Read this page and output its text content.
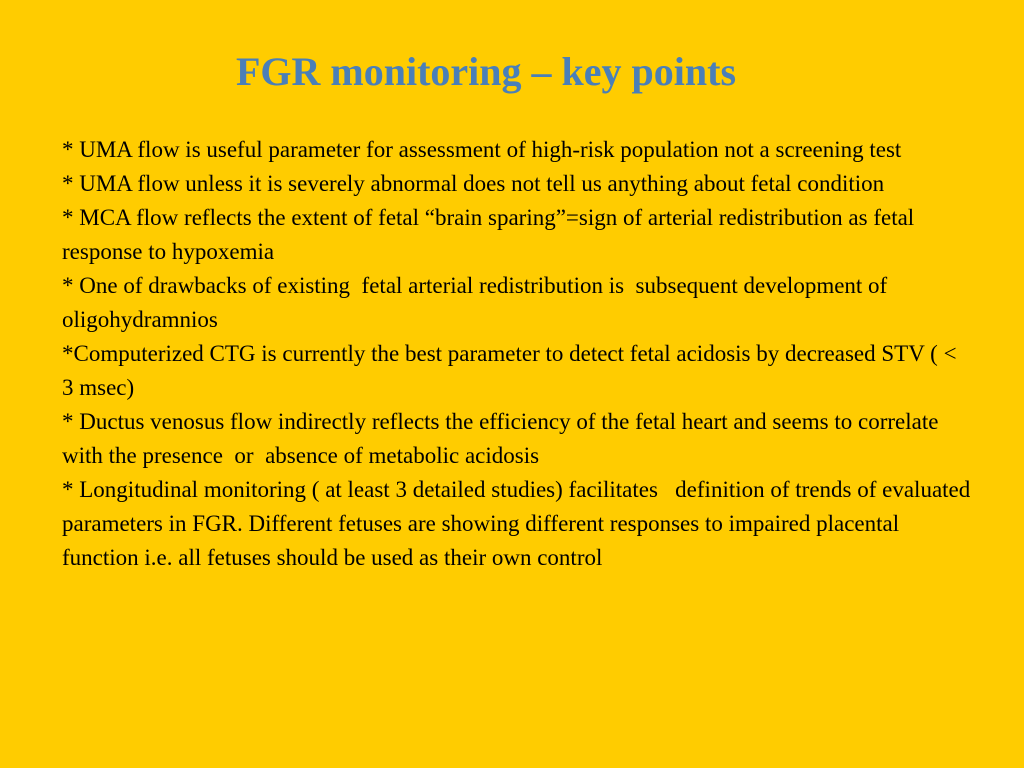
FGR monitoring – key points
* UMA flow is useful parameter for assessment of high-risk population not a screening test
* UMA flow unless it is severely abnormal does not tell us anything about fetal condition
* MCA flow reflects the extent of fetal “brain sparing”=sign of arterial redistribution as fetal response to hypoxemia
* One of drawbacks of existing  fetal arterial redistribution is  subsequent development of oligohydramnios
*Computerized CTG is currently the best parameter to detect fetal acidosis by decreased STV ( < 3 msec)
* Ductus venosus flow indirectly reflects the efficiency of the fetal heart and seems to correlate with the presence  or  absence of metabolic acidosis
* Longitudinal monitoring ( at least 3 detailed studies) facilitates   definition of trends of evaluated parameters in FGR. Different fetuses are showing different responses to impaired placental function i.e. all fetuses should be used as their own control
